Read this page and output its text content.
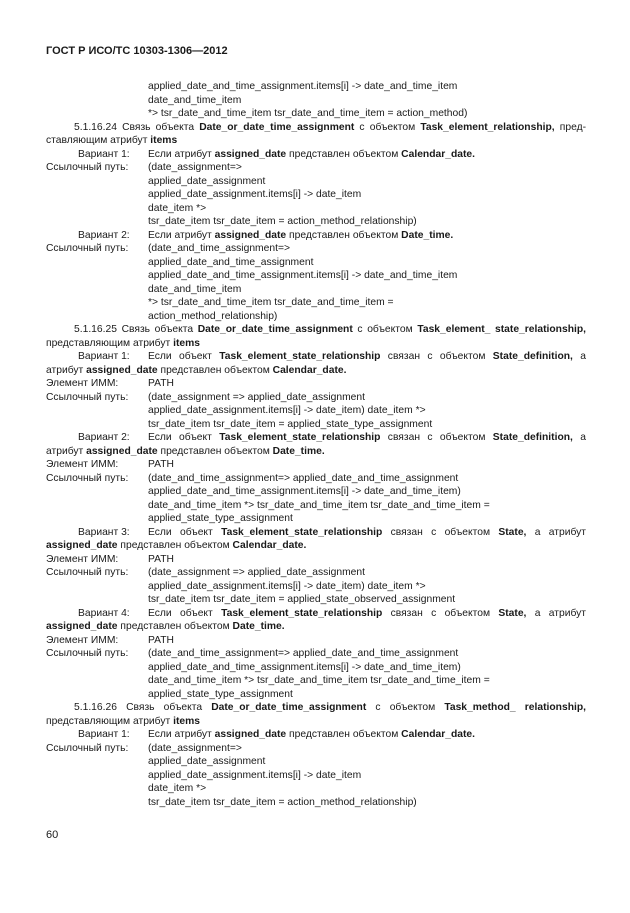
ГОСТ Р ИСО/ТС 10303-1306—2012
applied_date_and_time_assignment.items[i] -> date_and_time_item
date_and_time_item
*> tsr_date_and_time_item tsr_date_and_time_item = action_method)
5.1.16.24 Связь объекта Date_or_date_time_assignment с объектом Task_element_relationship, пред-
ставляющим атрибут items
Вариант 1: Если атрибут assigned_date представлен объектом Calendar_date.
Ссылочный путь: (date_assignment=>
applied_date_assignment
applied_date_assignment.items[i] -> date_item
date_item *>
tsr_date_item tsr_date_item = action_method_relationship)
Вариант 2: Если атрибут assigned_date представлен объектом Date_time.
Ссылочный путь: (date_and_time_assignment=>
applied_date_and_time_assignment
applied_date_and_time_assignment.items[i] -> date_and_time_item
date_and_time_item
*> tsr_date_and_time_item tsr_date_and_time_item =
action_method_relationship)
5.1.16.25 Связь объекта Date_or_date_time_assignment с объектом Task_element_ state_relationship,
представляющим атрибут items
Вариант 1: Если объект Task_element_state_relationship связан с объектом State_definition, а
атрибут assigned_date представлен объектом Calendar_date.
Элемент ИММ:	PATH
Ссылочный путь: (date_assignment => applied_date_assignment
applied_date_assignment.items[i] -> date_item) date_item *>
tsr_date_item tsr_date_item = applied_state_type_assignment
Вариант 2: Если объект Task_element_state_relationship связан с объектом State_definition, а
атрибут assigned_date представлен объектом Date_time.
Элемент ИММ:	PATH
Ссылочный путь: (date_and_time_assignment=> applied_date_and_time_assignment
applied_date_and_time_assignment.items[i] -> date_and_time_item)
date_and_time_item *> tsr_date_and_time_item tsr_date_and_time_item =
applied_state_type_assignment
Вариант 3: Если объект Task_element_state_relationship связан с объектом State, а атрибут
assigned_date представлен объектом Calendar_date.
Элемент ИММ:	PATH
Ссылочный путь: (date_assignment => applied_date_assignment
applied_date_assignment.items[i] -> date_item) date_item *>
tsr_date_item tsr_date_item = applied_state_observed_assignment
Вариант 4: Если объект Task_element_state_relationship связан с объектом State, а атрибут
assigned_date представлен объектом Date_time.
Элемент ИММ:	PATH
Ссылочный путь: (date_and_time_assignment=> applied_date_and_time_assignment
applied_date_and_time_assignment.items[i] -> date_and_time_item)
date_and_time_item *> tsr_date_and_time_item tsr_date_and_time_item =
applied_state_type_assignment
5.1.16.26 Связь объекта Date_or_date_time_assignment с объектом Task_method_ relationship,
представляющим атрибут items
Вариант 1: Если атрибут assigned_date представлен объектом Calendar_date.
Ссылочный путь: (date_assignment=>
applied_date_assignment
applied_date_assignment.items[i] -> date_item
date_item *>
tsr_date_item tsr_date_item = action_method_relationship)
60
